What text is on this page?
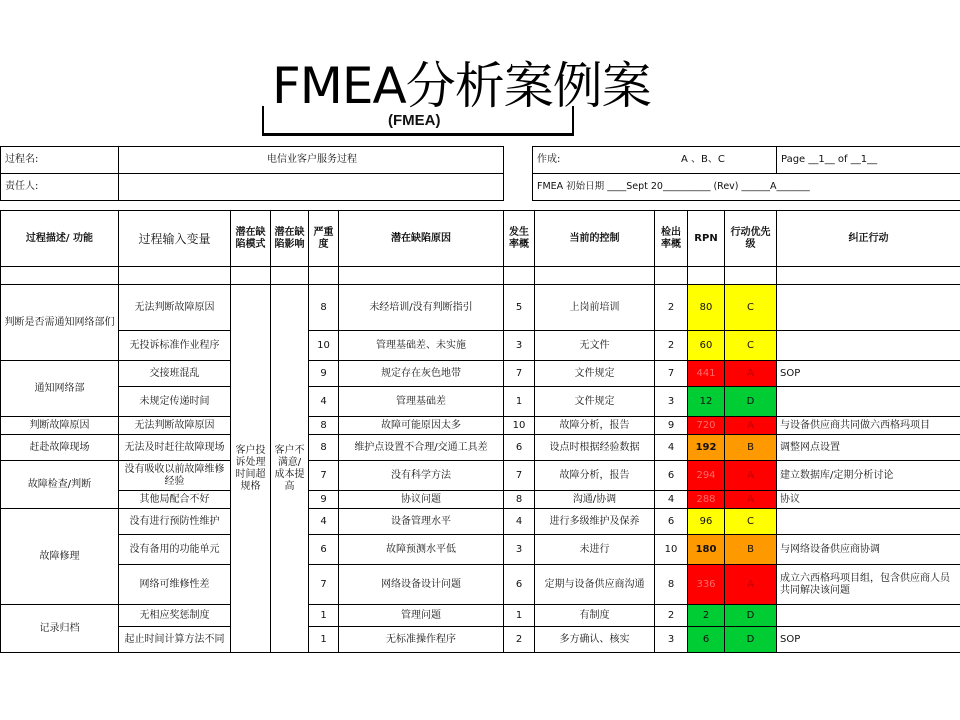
FMEA分析案例案
(FMEA)
过程名:	电信业客户服务过程		作成: A 、B、C	Page __1__ of __1__
责任人:			FMEA 初始日期 ____Sept 20__________ (Rev) ______A_______	
过程描述/ 功能	过程输入变量	潜在缺陷模式	潜在缺陷影响	严重度	潜在缺陷原因	发生率概	当前的控制	检出率概	RPN	行动优先级	纠正行动

判断是否需通知网络部们	无法判断故障原因	客户投诉处理时间超规格	客户不满意/成本提高	8	未经培训/没有判断指引	5	上岗前培训	2	80	C	
	无投诉标准作业程序			10	管理基础差、未实施	3	无文件	2	60	C	
通知网络部	交接班混乱			9	规定存在灰色地带	7	文件规定	7	441	A	SOP
	未规定传递时间			4	管理基础差	1	文件规定	3	12	D	
判断故障原因	无法判断故障原因			8	故障可能原因太多	10	故障分析，报告	9	720	A	与设备供应商共同做六西格玛项目
赶赴故障现场	无法及时赶往故障现场			8	维护点设置不合理/交通工具差	6	设点时根据经验数据	4	192	B	调整网点设置
故障检查/判断	没有吸收以前故障维修经验			7	没有科学方法	7	故障分析，报告	6	294	A	建立数据库/定期分析讨论
	其他局配合不好			9	协议问题	8	沟通/协调	4	288	A	协议
故障修理	没有进行预防性维护			4	设备管理水平	4	进行多级维护及保养	6	96	C	
	没有备用的功能单元			6	故障预测水平低	3	未进行	10	180	B	与网络设备供应商协调
	网络可维修性差			7	网络设备设计问题	6	定期与设备供应商沟通	8	336	A	成立六西格玛项目组，包含供应商人员共同解决该问题
记录归档	无相应奖惩制度			1	管理问题	1	有制度	2	2	D	
	起止时间计算方法不同			1	无标准操作程序	2	多方确认、核实	3	6	D	SOP
